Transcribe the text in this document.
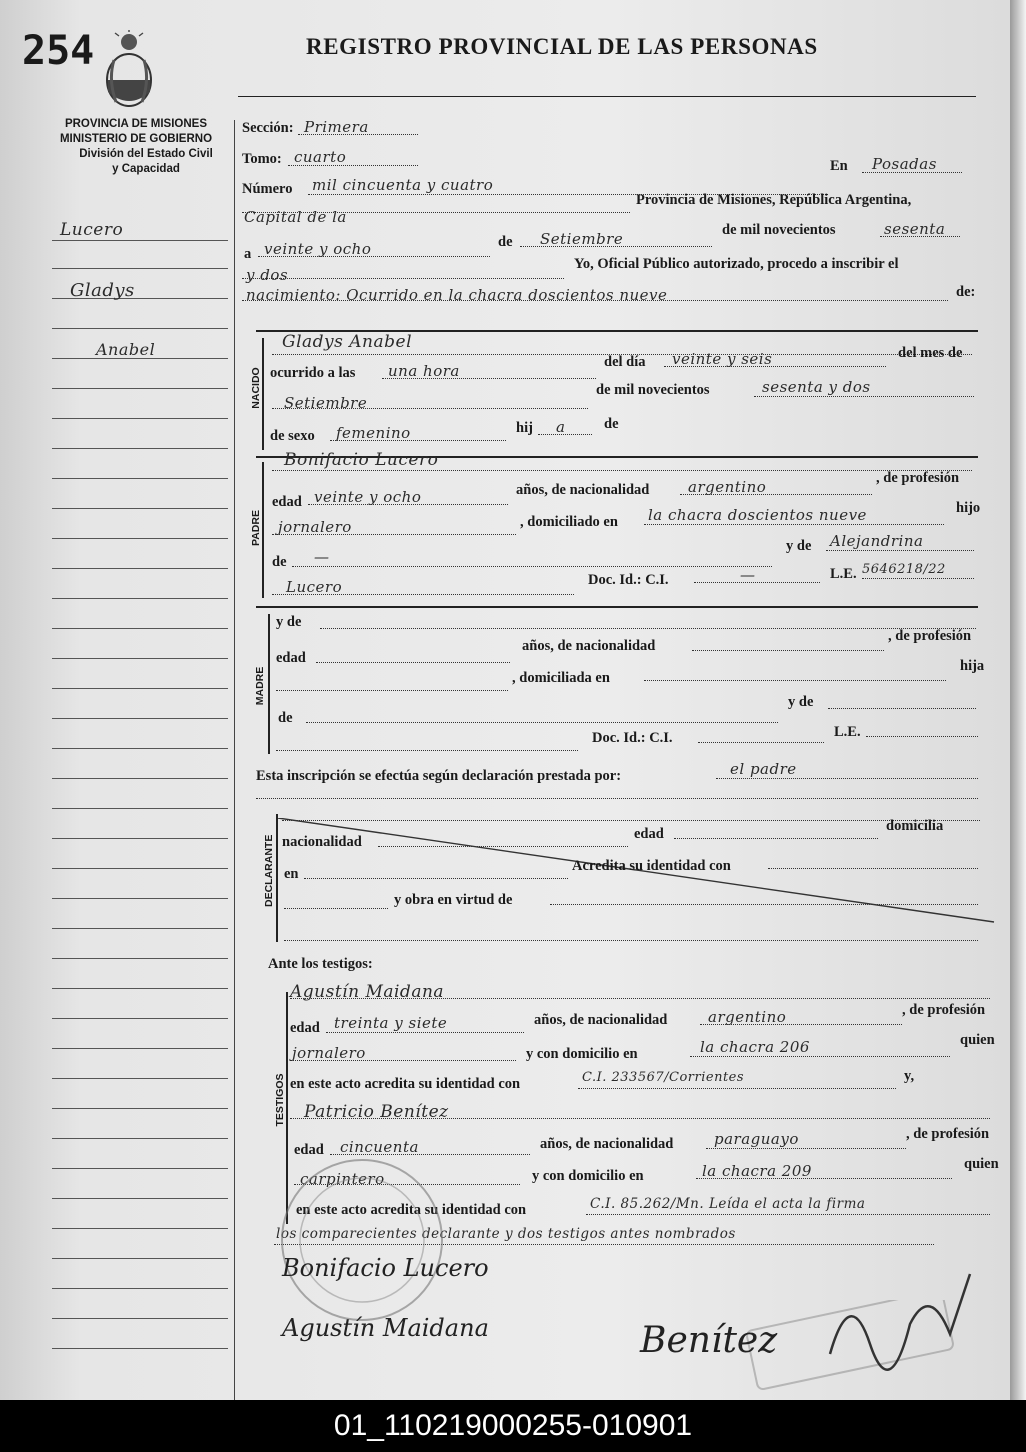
254	REGISTRO PROVINCIAL DE LAS PERSONAS
PROVINCIA DE MISIONES
MINISTERIO DE GOBIERNO
División del Estado Civil
y Capacidad
Lucero
Gladys
Anabel
Sección: Primera
Tomo: cuarto	En Posadas
Número mil cincuenta y cuatro
Provincia de Misiones, República Argentina,
Capital de la
a veinte y ocho	de Setiembre	de mil novecientos	sesenta
y dos
Yo, Oficial Público autorizado, procedo a inscribir el
nacimiento: Ocurrido en la chacra doscientos nueve	de:
NACIDO
Gladys Anabel
ocurrido a las una hora	del día veinte y seis	del mes de
Setiembre
de mil novecientos	sesenta y dos
de sexo femenino	hij a	de
PADRE
Bonifacio Lucero
edad veinte y ocho	años, de nacionalidad	argentino	, de profesión
jornalero	, domiciliado en la chacra doscientos nueve	hijo
de —
y de Alejandrina
Lucero	Doc. Id.: C.I.	—	L.E. 5646218/22
MADRE
y de
edad
años, de nacionalidad
, de profesión
, domiciliada en
hija
de
y de
Doc. Id.: C.I.	L.E.
Esta inscripción se efectúa según declaración prestada por:	el padre
DECLARANTE nacionalidad	edad	domicilia
en	Acredita su identidad con
y obra en virtud de
Ante los testigos:
TESTIGOS
Agustín Maidana
edad treinta y siete	años, de nacionalidad	argentino	, de profesión
jornalero	y con domicilio en	la chacra 206	quien
en este acto acredita su identidad con	C.I. 233567/Corrientes	y,
Patricio Benítez
edad cincuenta	años, de nacionalidad	paraguayo	, de profesión
carpintero	y con domicilio en	la chacra 209	quien
en este acto acredita su identidad con	C.I. 85.262/Mn. Leída el acta la firma
los comparecientes declarante y dos testigos antes nombrados
Bonifacio Lucero
Agustín Maidana	Benítez
01_110219000255-010901
